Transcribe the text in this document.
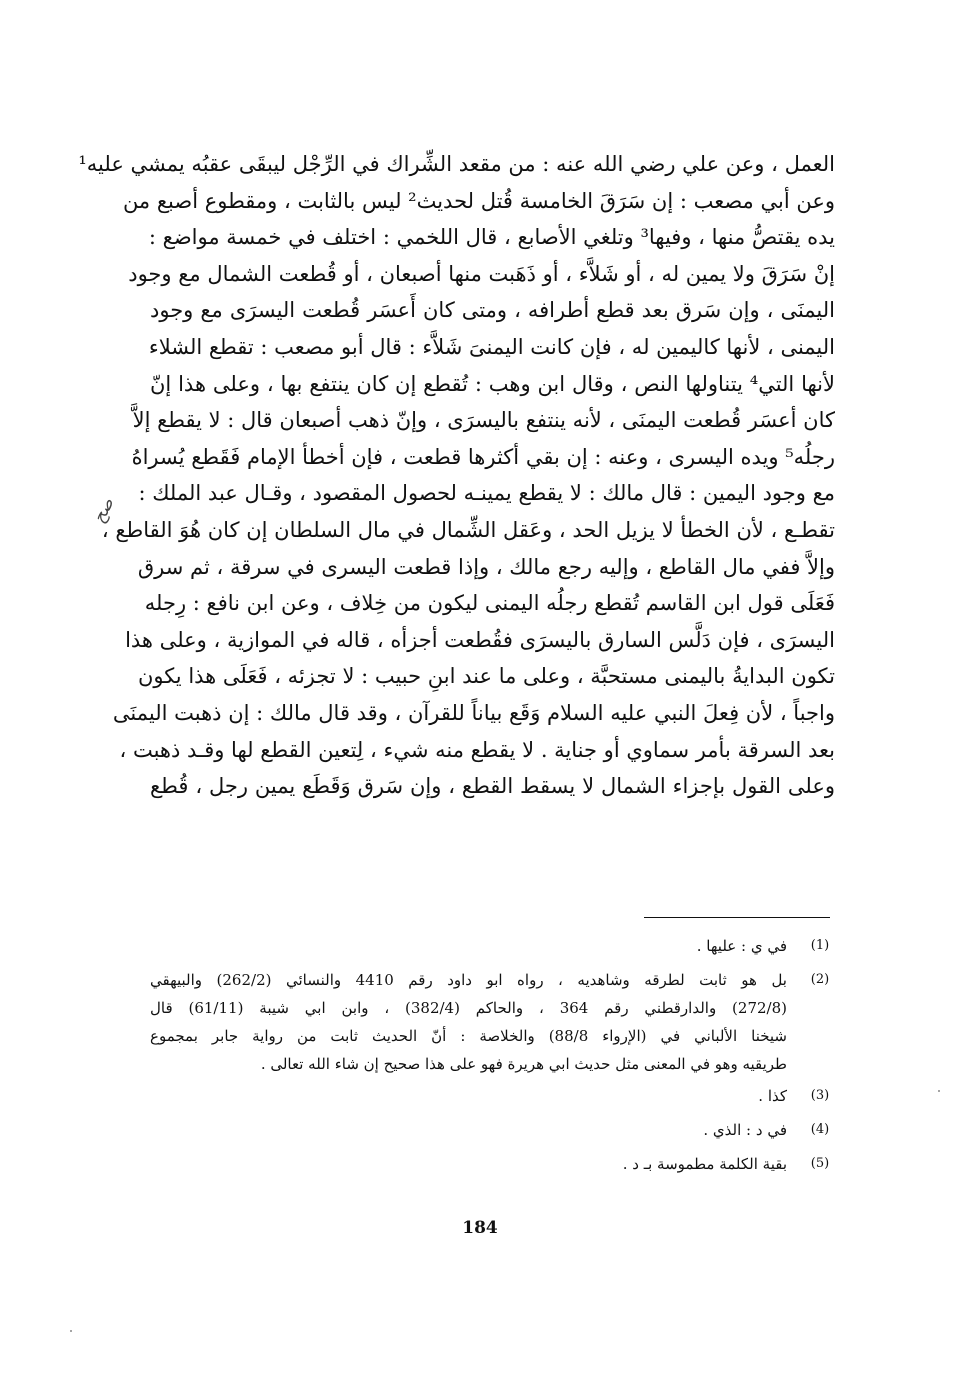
العمل ، وعن علي رضي الله عنه : من مقعد الشِّراك في الرِّجْل ليبقَى عقبُه يمشي عليه¹
وعن أبي مصعب : إن سَرَقَ الخامسة قُتل لحديث² ليس بالثابت ، ومقطوع أصبع من
يده يقتصُّ منها ، وفيها³ وتلغي الأصابع ، قال اللخمي : اختلف في خمسة مواضع :
إنْ سَرَقَ ولا يمين له ، أو شَلاَّء ، أو ذَهَبت منها أصبعان ، أو قُطعت الشمال مع وجود
اليمنَى ، وإن سَرق بعد قطع أطرافه ، ومتى كان أَعسَر قُطعت اليسرَى مع وجود
اليمنى ، لأنها كاليمين له ، فإن كانت اليمنىَ شَلاَّء : قال أبو مصعب : تقطع الشلاء
لأنها التي⁴ يتناولها النص ، وقال ابن وهب : تُقطع إن كان ينتفع بها ، وعلى هذا إنّ
كان أعسَر قُطعت اليمنَى ، لأنه ينتفع باليسرَى ، وإنّ ذهب أصبعان قال : لا يقطع إلاَّ
رجلُه⁵ ويده اليسرى ، وعنه : إن بقي أكثرها قطعت ، فإن أخطأ الإمام فَقَطع يُسراهُ
مع وجود اليمين : قال مالك : لا يقطع يمينـه لحصول المقصود ، وقـال عبد الملك :
تقطـع ، لأن الخطأ لا يزيل الحد ، وعَقل الشِّمال في مال السلطان إن كان هُوَ القاطع ،
وإلاَّ ففي مال القاطع ، وإليه رجع مالك ، وإذا قطعت اليسرى في سرقة ، ثم سرق
فَعَلَى قول ابن القاسم تُقطع رجلُه اليمنى ليكون من خِلاف ، وعن ابن نافع : رِجله
اليسرَى ، فإن دَلَّس السارق باليسرَى فقُطعت أجزأه ، قاله في الموازية ، وعلى هذا
تكون البدايةُ باليمنى مستحبَّة ، وعلى ما عند ابنِ حبيب : لا تجزئه ، فَعَلَى هذا يكون
واجباً ، لأن فِعلَ النبي عليه السلام وَقَع بياناً للقرآن ، وقد قال مالك : إن ذهبت اليمنَى
بعد السرقة بأمر سماوي أو جناية . لا يقطع منه شيء ، لِتعين القطع لها وقـد ذهبت ،
وعلى القول بإجزاء الشمال لا يسقط القطع ، وإن سَرق وَقَطَع يمين رجل ، قُطع
صح
(1)
في ي : عليها .
(2)
بل هو ثابت لطرقه وشاهديه ، رواه ابو داود رقم 4410 والنسائي (262/2) والبيهقي
(272/8) والدارقطني رقم 364 ، والحاكم (382/4) ، وابن ابي شيبة (61/11) قال
شيخنا الألباني في (الإرواء 88/8) والخلاصة : أنّ الحديث ثابت من رواية جابر بمجموع
طريقيه وهو في المعنى مثل حديث ابي هريرة فهو على هذا صحيح إن شاء الله تعالى .
(3)
كذا .
(4)
في د : الذي .
(5)
بقية الكلمة مطموسة بـ د .
184
